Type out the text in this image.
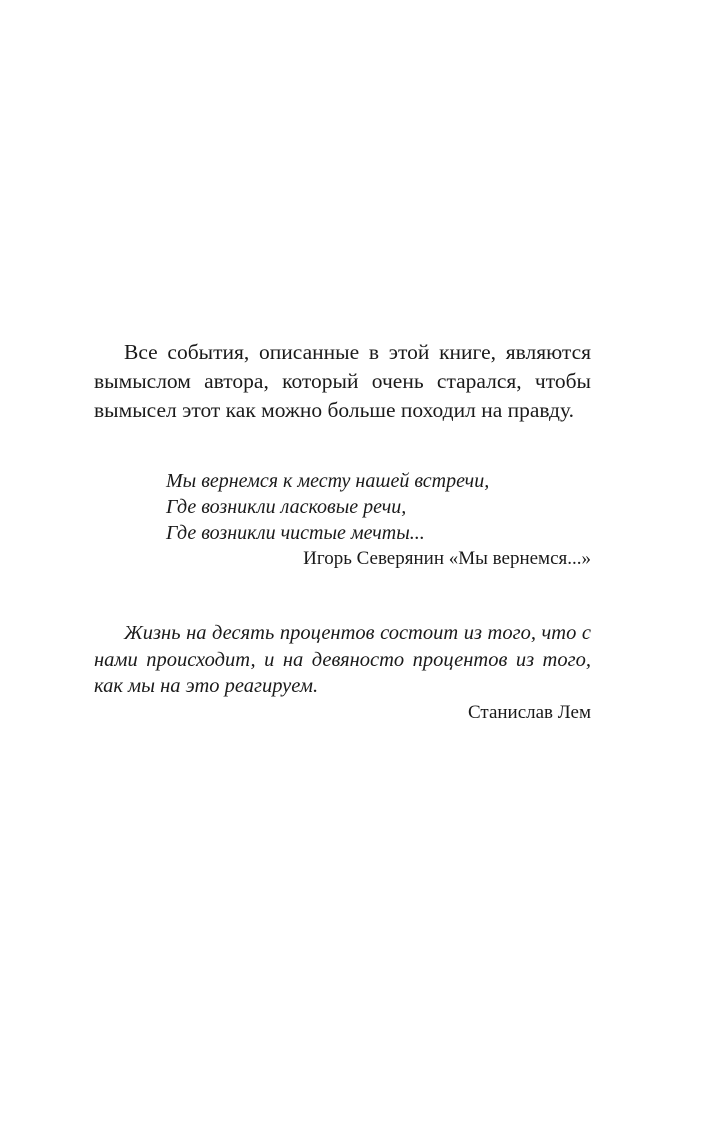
Все события, описанные в этой книге, являются вымыслом автора, который очень старался, чтобы вымысел этот как можно больше походил на правду.

Мы вернемся к месту нашей встречи,
Где возникли ласковые речи,
Где возникли чистые мечты...
Игорь Северянин «Мы вернемся...»

Жизнь на десять процентов состоит из того, что с нами происходит, и на девяносто процентов из того, как мы на это реагируем.

Станислав Лем
